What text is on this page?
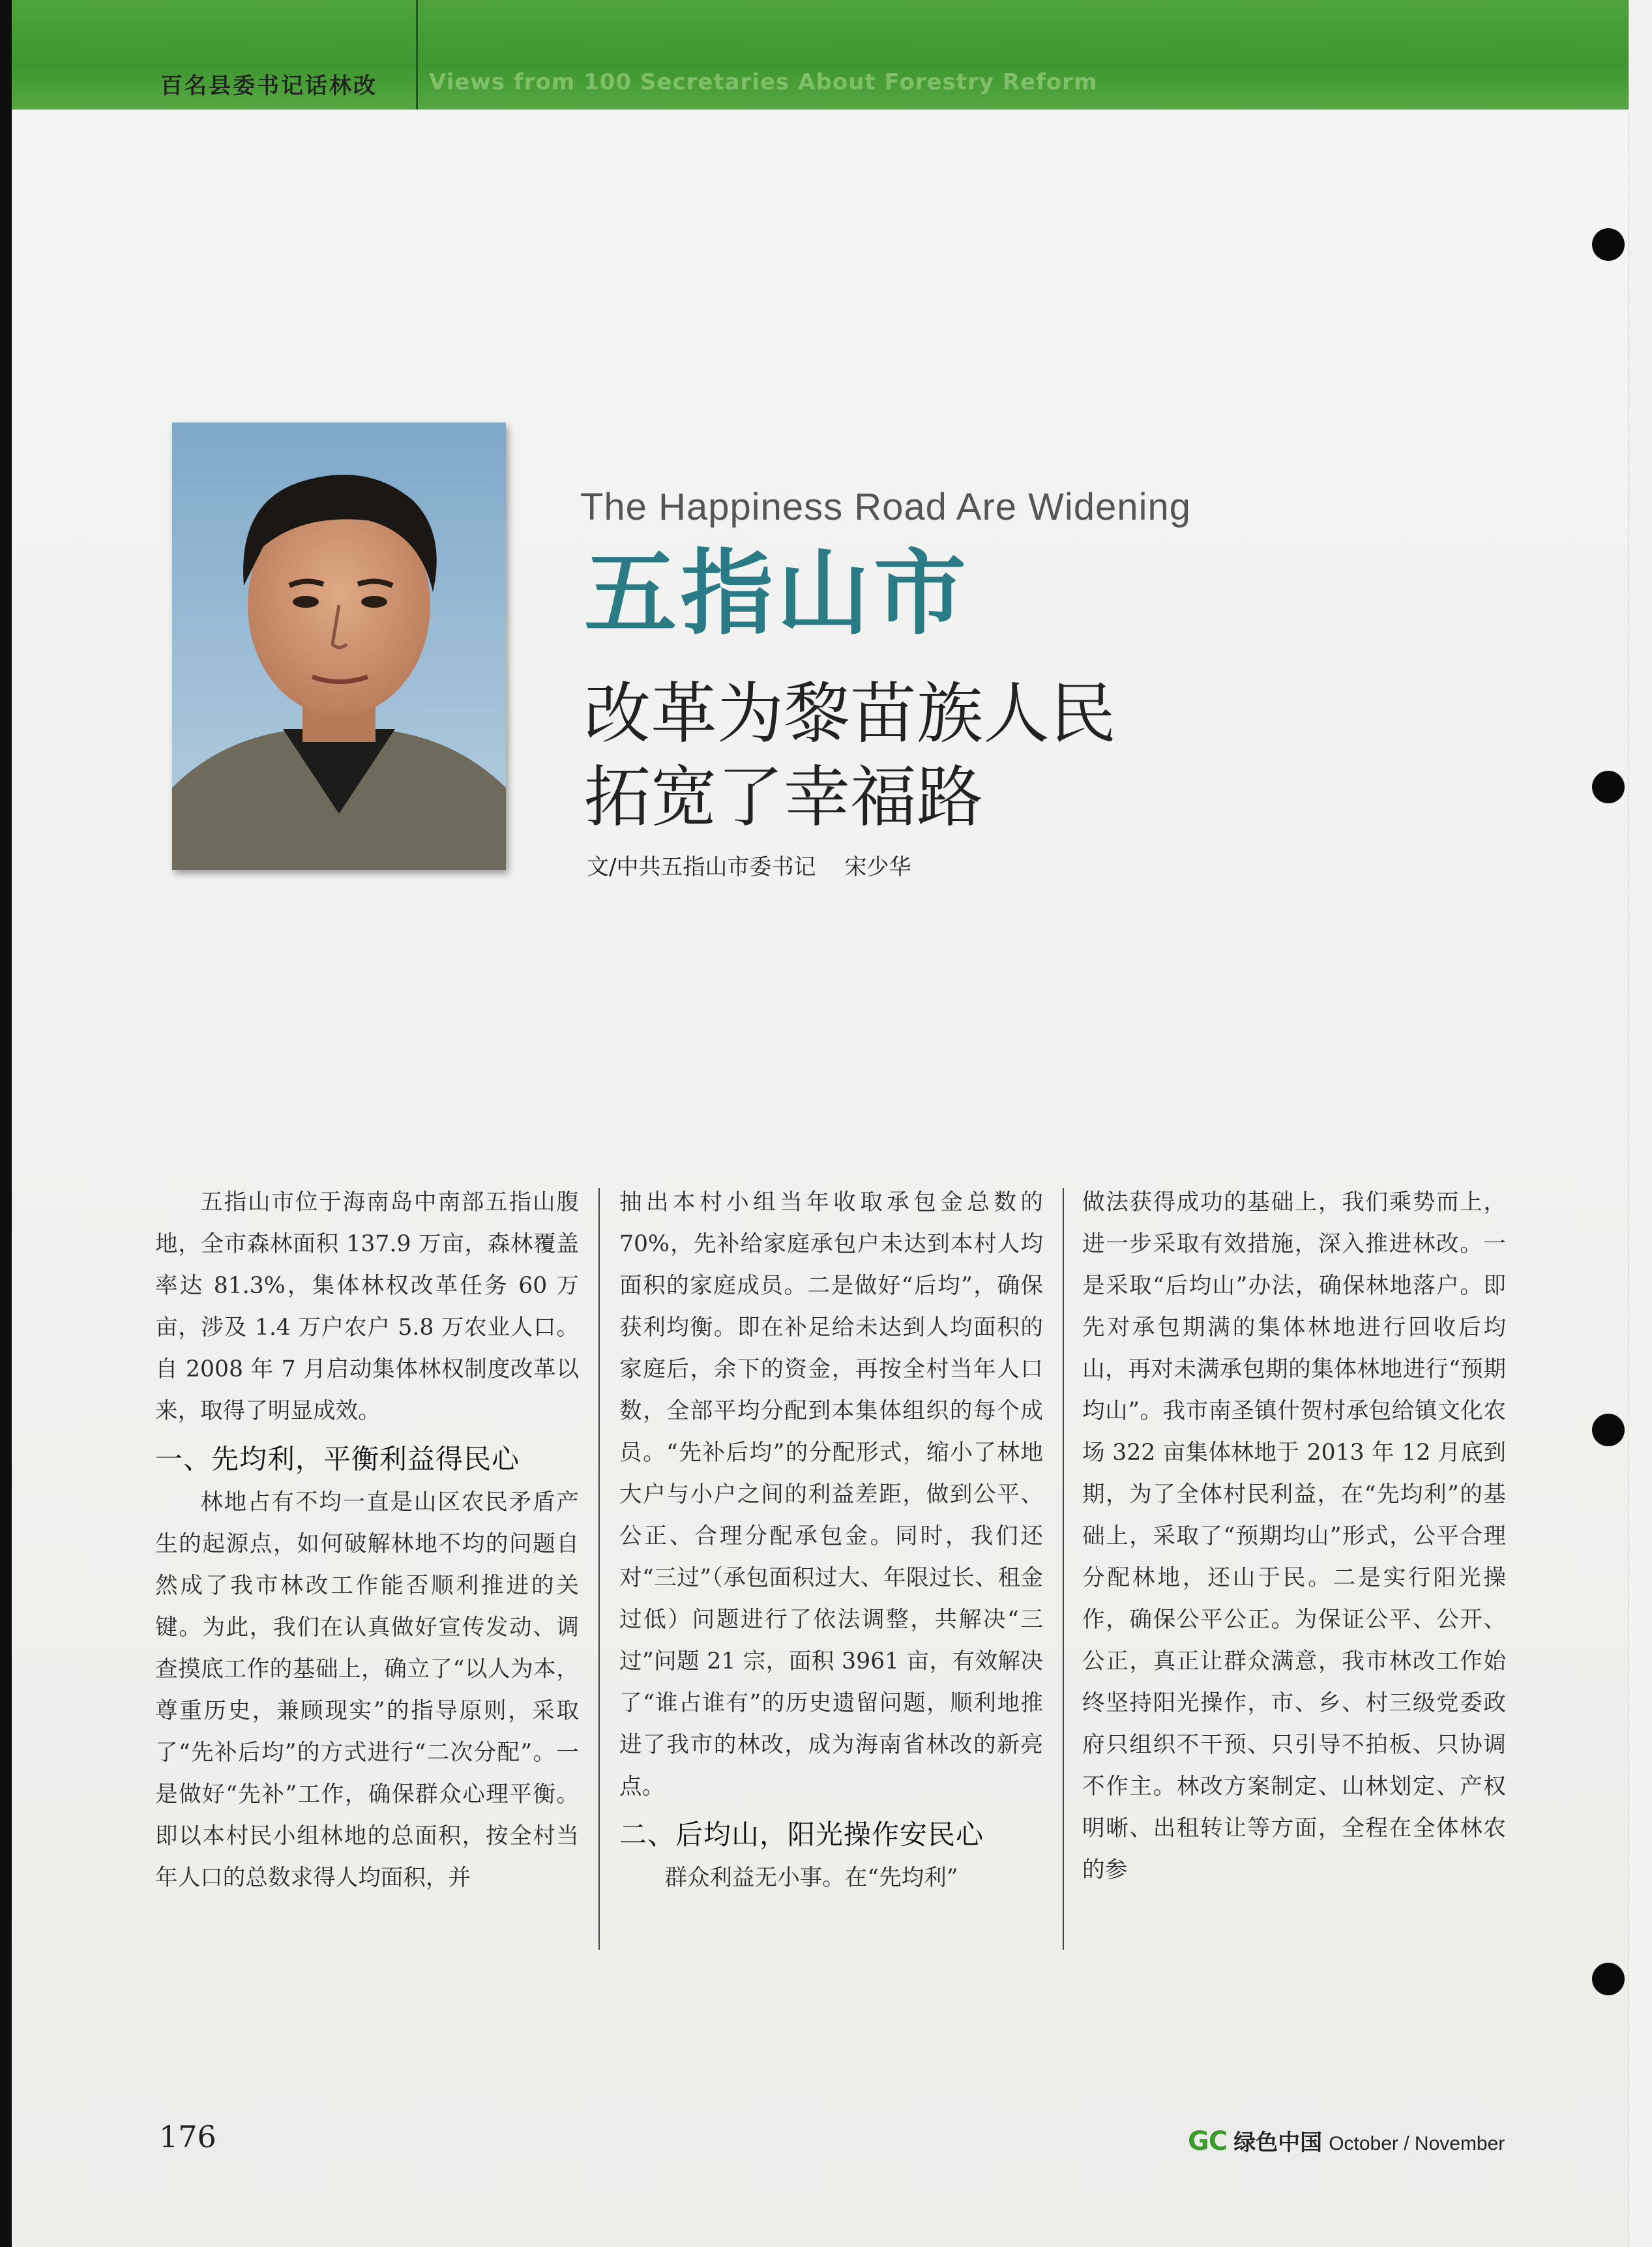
百名县委书记话林改 Views from 100 Secretaries About Forestry Reform
The Happiness Road Are Widening
五指山市
改革为黎苗族人民
拓宽了幸福路
文/中共五指山市委书记 宋少华

五指山市位于海南岛中南部五指山腹地，全市森林面积 137.9 万亩，森林覆盖率达 81.3%，集体林权改革任务 60 万亩，涉及 1.4 万户农户 5.8 万农业人口。自 2008 年 7 月启动集体林权制度改革以来，取得了明显成效。

一、先均利，平衡利益得民心

林地占有不均一直是山区农民矛盾产生的起源点，如何破解林地不均的问题自然成了我市林改工作能否顺利推进的关键。为此，我们在认真做好宣传发动、调查摸底工作的基础上，确立了“以人为本，尊重历史，兼顾现实”的指导原则，采取了“先补后均”的方式进行“二次分配”。一是做好“先补”工作，确保群众心理平衡。即以本村民小组林地的总面积，按全村当年人口的总数求得人均面积，并

抽出本村小组当年收取承包金总数的 70%，先补给家庭承包户未达到本村人均面积的家庭成员。二是做好“后均”，确保获利均衡。即在补足给未达到人均面积的家庭后，余下的资金，再按全村当年人口数，全部平均分配到本集体组织的每个成员。“先补后均”的分配形式，缩小了林地大户与小户之间的利益差距，做到公平、公正、合理分配承包金。同时，我们还对“三过”（承包面积过大、年限过长、租金过低）问题进行了依法调整，共解决“三过”问题 21 宗，面积 3961 亩，有效解决了“谁占谁有”的历史遗留问题，顺利地推进了我市的林改，成为海南省林改的新亮点。

二、后均山，阳光操作安民心

群众利益无小事。在“先均利”

做法获得成功的基础上，我们乘势而上，进一步采取有效措施，深入推进林改。一是采取“后均山”办法，确保林地落户。即先对承包期满的集体林地进行回收后均山，再对未满承包期的集体林地进行“预期均山”。我市南圣镇什贺村承包给镇文化农场 322 亩集体林地于 2013 年 12 月底到期，为了全体村民利益，在“先均利”的基础上，采取了“预期均山”形式，公平合理分配林地，还山于民。二是实行阳光操作，确保公平公正。为保证公平、公开、公正，真正让群众满意，我市林改工作始终坚持阳光操作，市、乡、村三级党委政府只组织不干预、只引导不拍板、只协调不作主。林改方案制定、山林划定、产权明晰、出租转让等方面，全程在全体林农的参

176	GC 绿色中国 October / November
